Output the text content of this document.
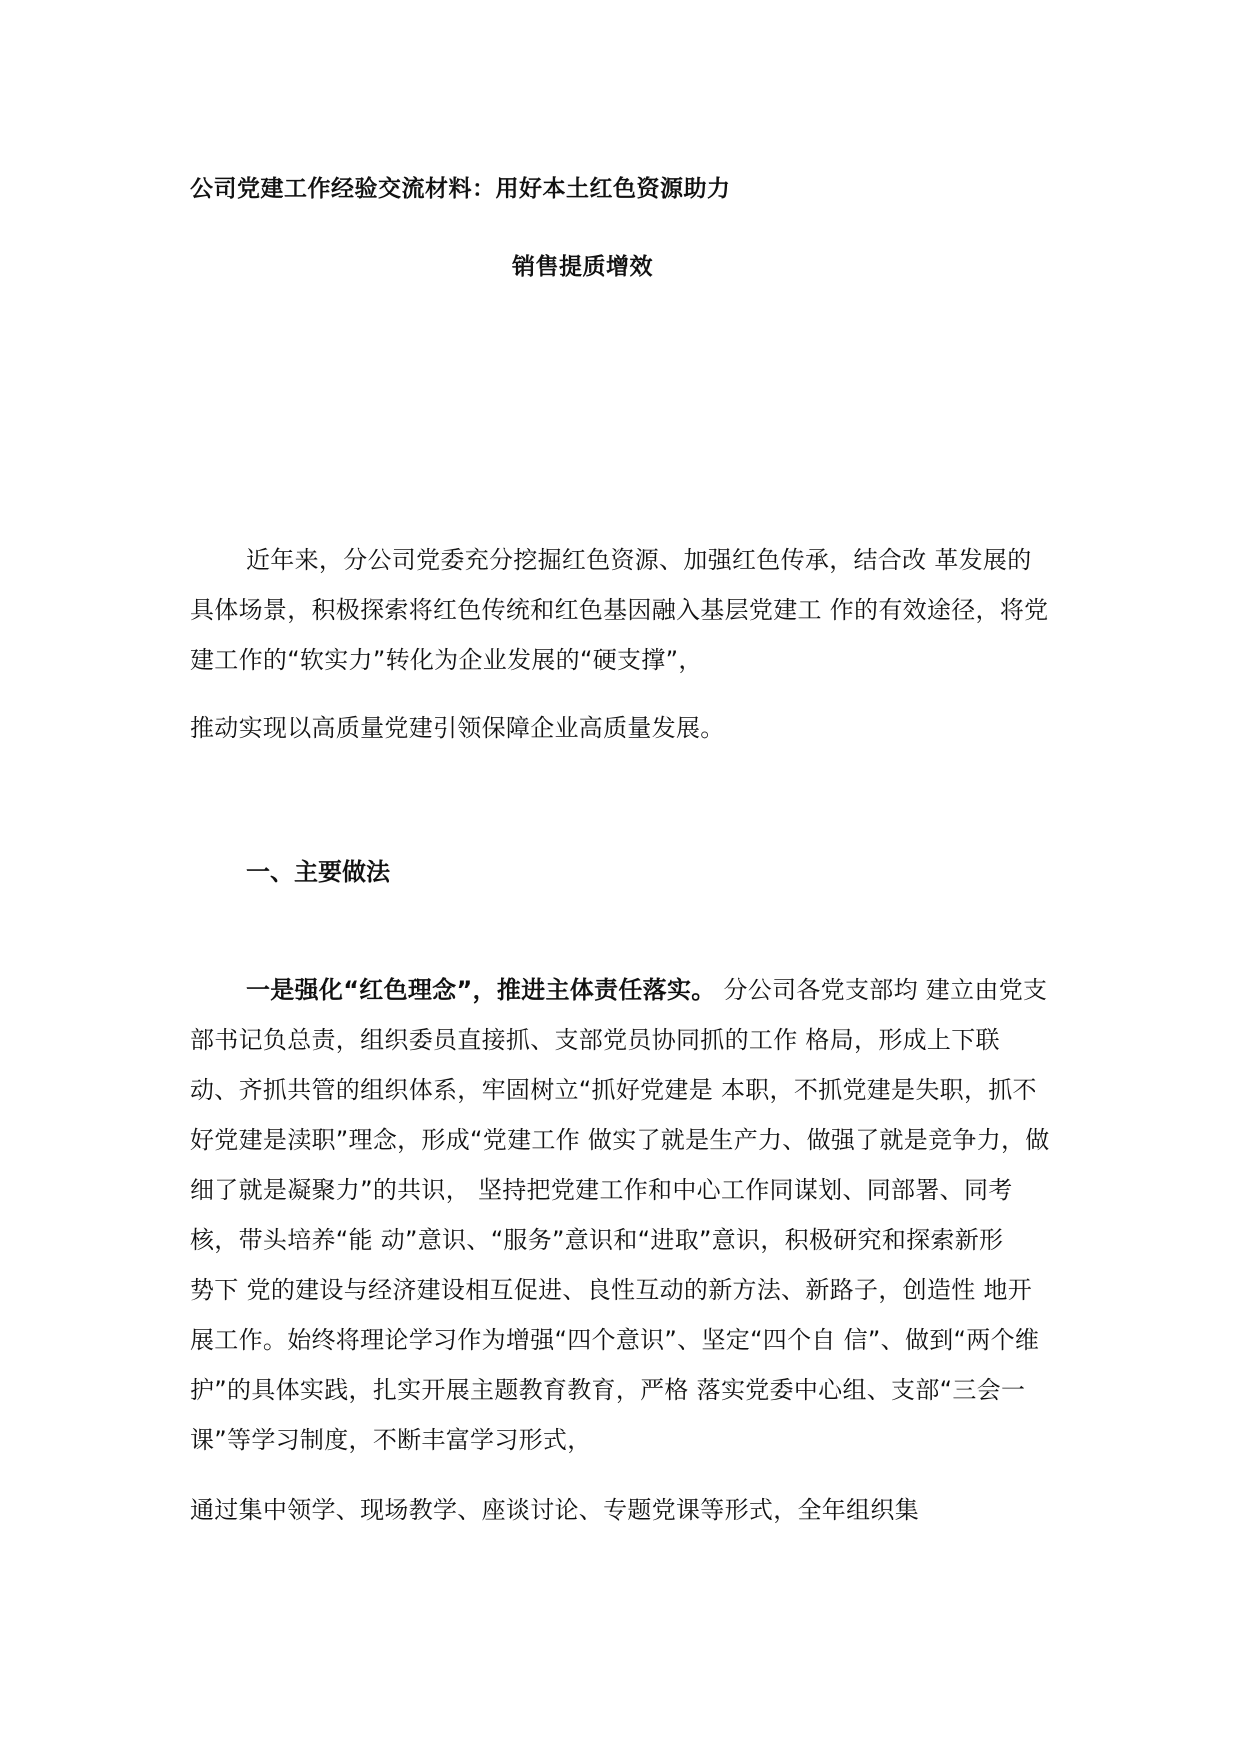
公司党建工作经验交流材料：用好本土红色资源助力
销售提质增效
近年来，分公司党委充分挖掘红色资源、加强红色传承，结合改 革发展的
具体场景，积极探索将红色传统和红色基因融入基层党建工 作的有效途径，将党
建工作的“软实力”转化为企业发展的“硬支撑”，
推动实现以高质量党建引领保障企业高质量发展。
一、主要做法
一是强化“红色理念”，推进主体责任落实。 分公司各党支部均 建立由党支
部书记负总责，组织委员直接抓、支部党员协同抓的工作 格局，形成上下联
动、齐抓共管的组织体系，牢固树立“抓好党建是 本职，不抓党建是失职，抓不
好党建是渎职”理念，形成“党建工作 做实了就是生产力、做强了就是竞争力，做
细了就是凝聚力”的共识， 坚持把党建工作和中心工作同谋划、同部署、同考
核，带头培养“能 动”意识、“服务”意识和“进取”意识，积极研究和探索新形
势下 党的建设与经济建设相互促进、良性互动的新方法、新路子，创造性 地开
展工作。始终将理论学习作为增强“四个意识”、坚定“四个自 信”、做到“两个维
护”的具体实践，扎实开展主题教育教育，严格 落实党委中心组、支部“三会一
课”等学习制度，不断丰富学习形式，
通过集中领学、现场教学、座谈讨论、专题党课等形式，全年组织集
